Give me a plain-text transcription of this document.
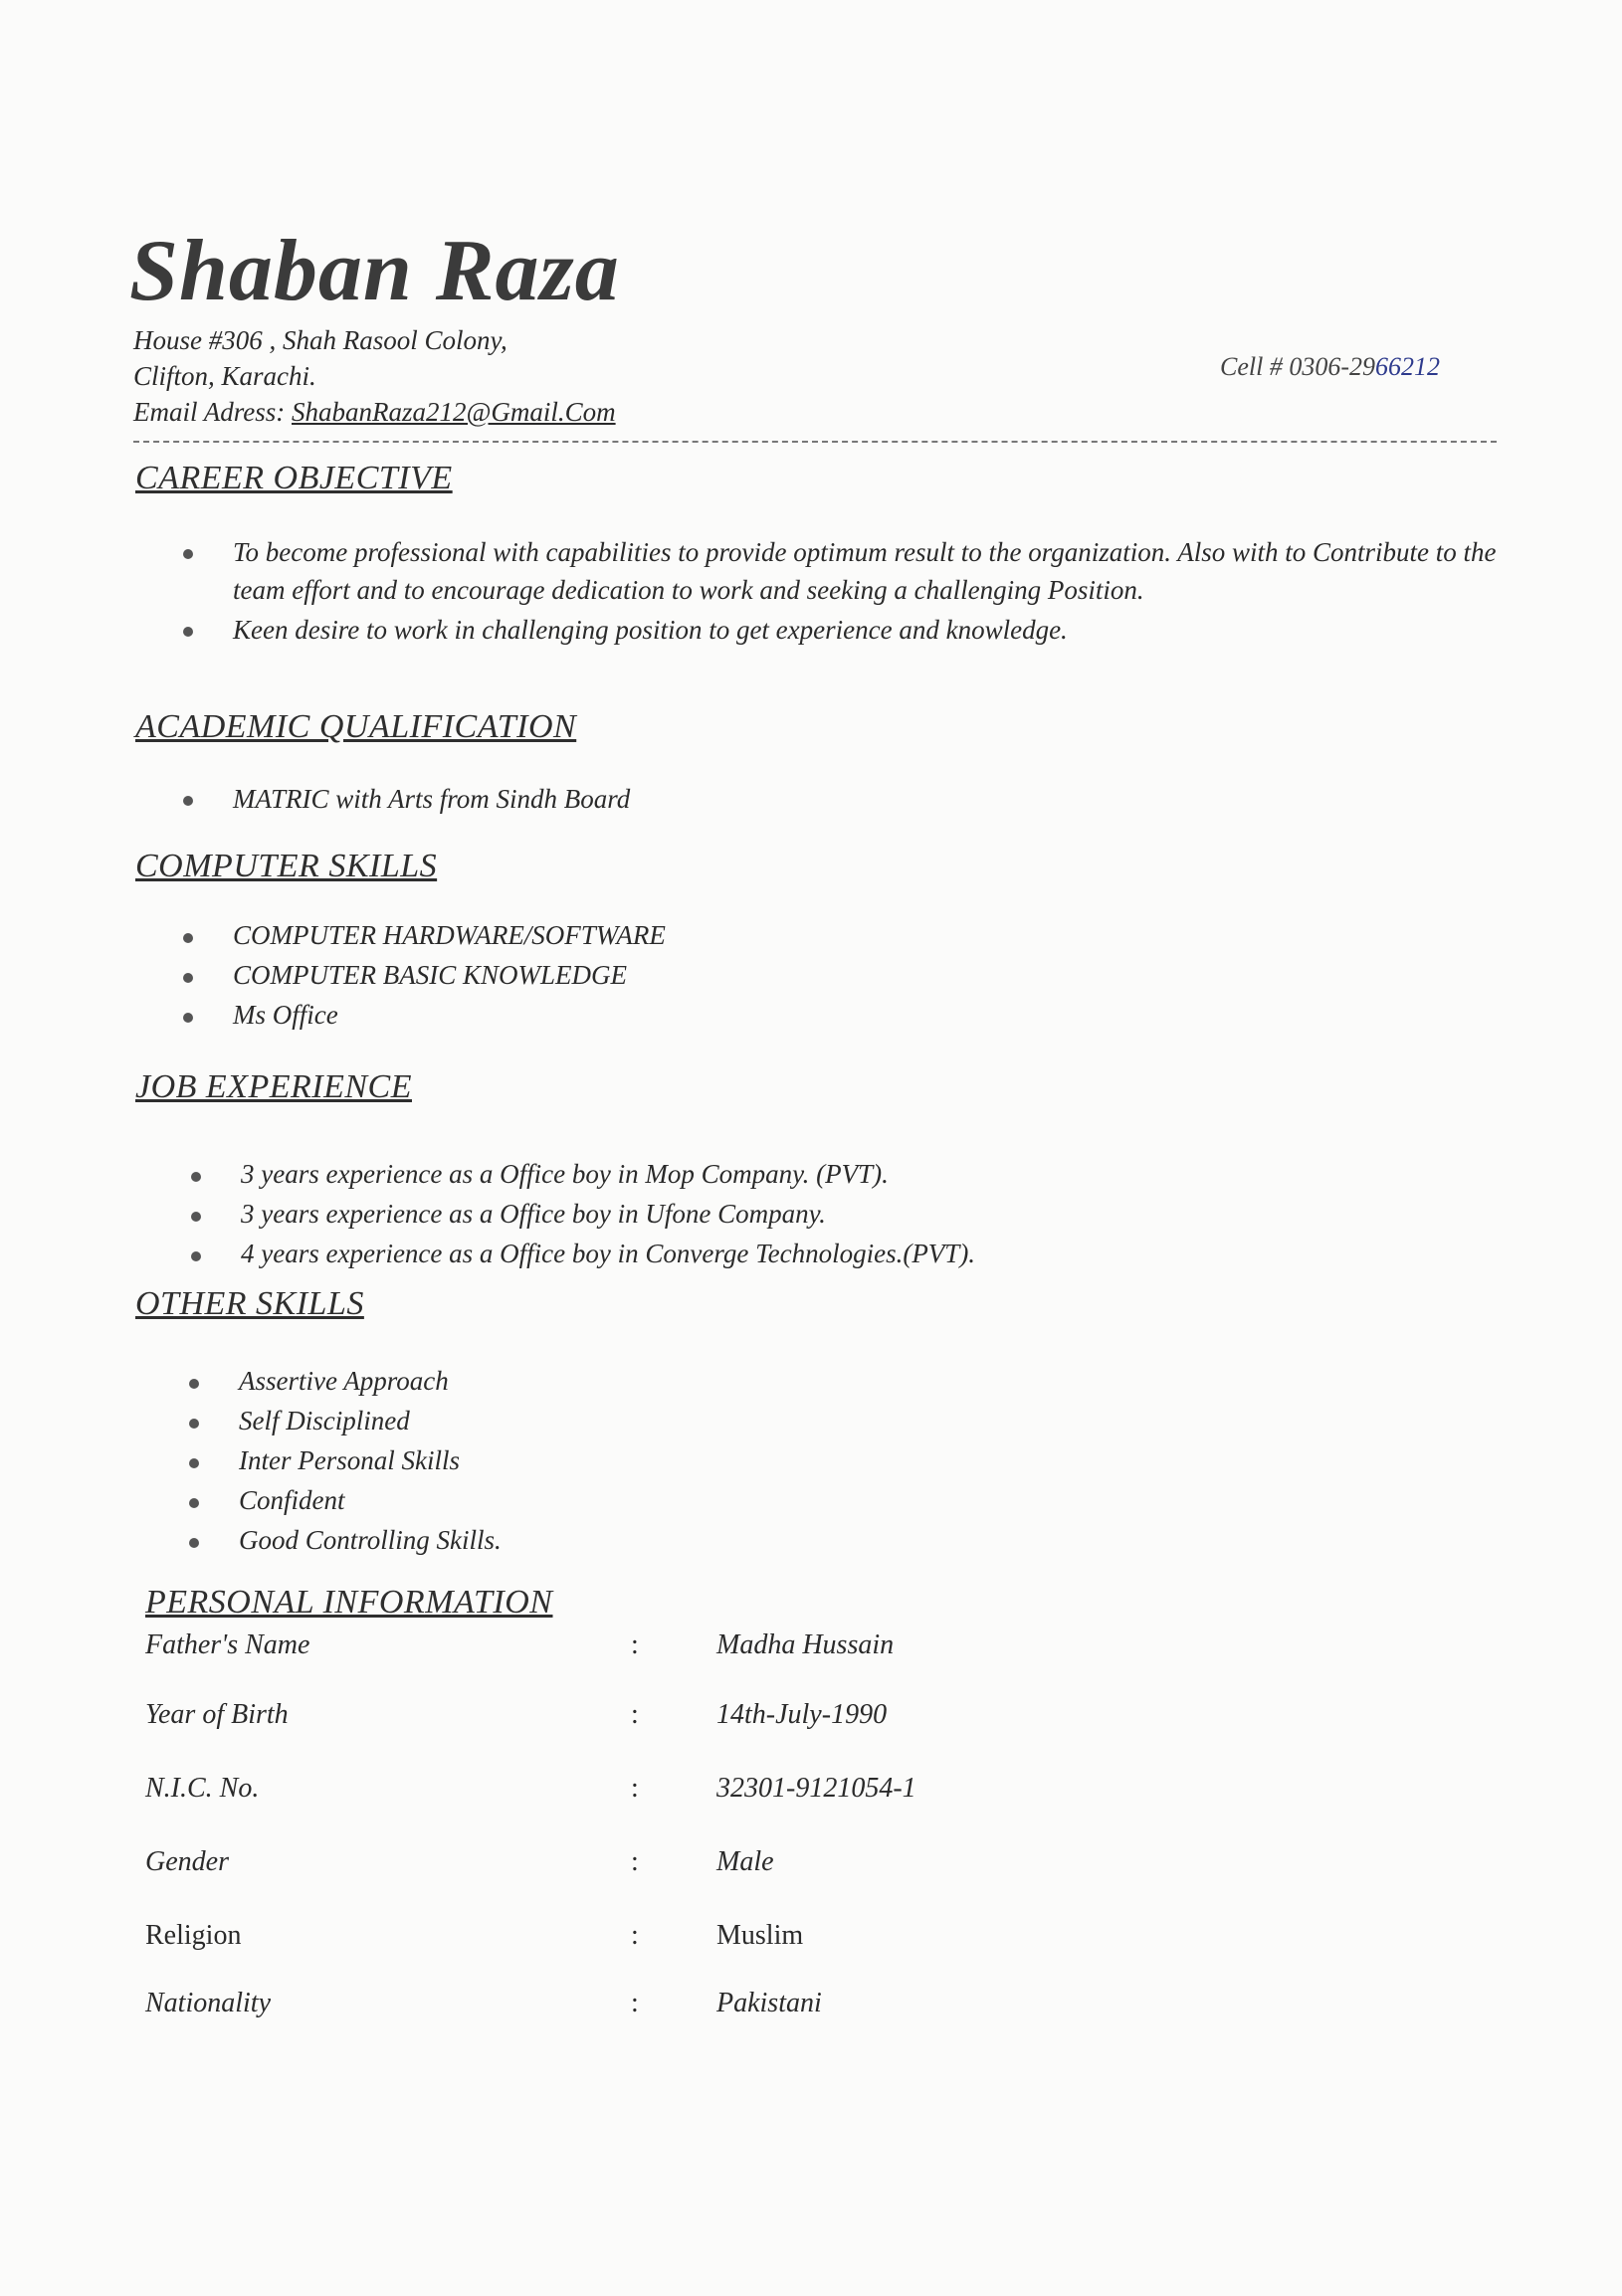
Shaban Raza
House #306 , Shah Rasool Colony,
Clifton, Karachi.
Email Adress: ShabanRaza212@Gmail.Com
Cell # 0306-2966212
CAREER OBJECTIVE
To become professional with capabilities to provide optimum result to the organization. Also with to Contribute to the team effort and to encourage dedication to work and seeking a challenging Position.
Keen desire to work in challenging position to get experience and knowledge.
ACADEMIC QUALIFICATION
MATRIC with Arts from Sindh Board
COMPUTER SKILLS
COMPUTER HARDWARE/SOFTWARE
COMPUTER BASIC KNOWLEDGE
Ms Office
JOB EXPERIENCE
3 years experience as a Office boy in Mop Company. (PVT).
3 years experience as a Office boy in Ufone Company.
4 years experience as a Office boy in Converge Technologies.(PVT).
OTHER SKILLS
Assertive Approach
Self Disciplined
Inter Personal Skills
Confident
Good Controlling Skills.
PERSONAL INFORMATION
Father's Name	:	Madha Hussain
Year of Birth	:	14th-July-1990
N.I.C. No.	:	32301-9121054-1
Gender	:	Male
Religion	:	Muslim
Nationality	:	Pakistani
